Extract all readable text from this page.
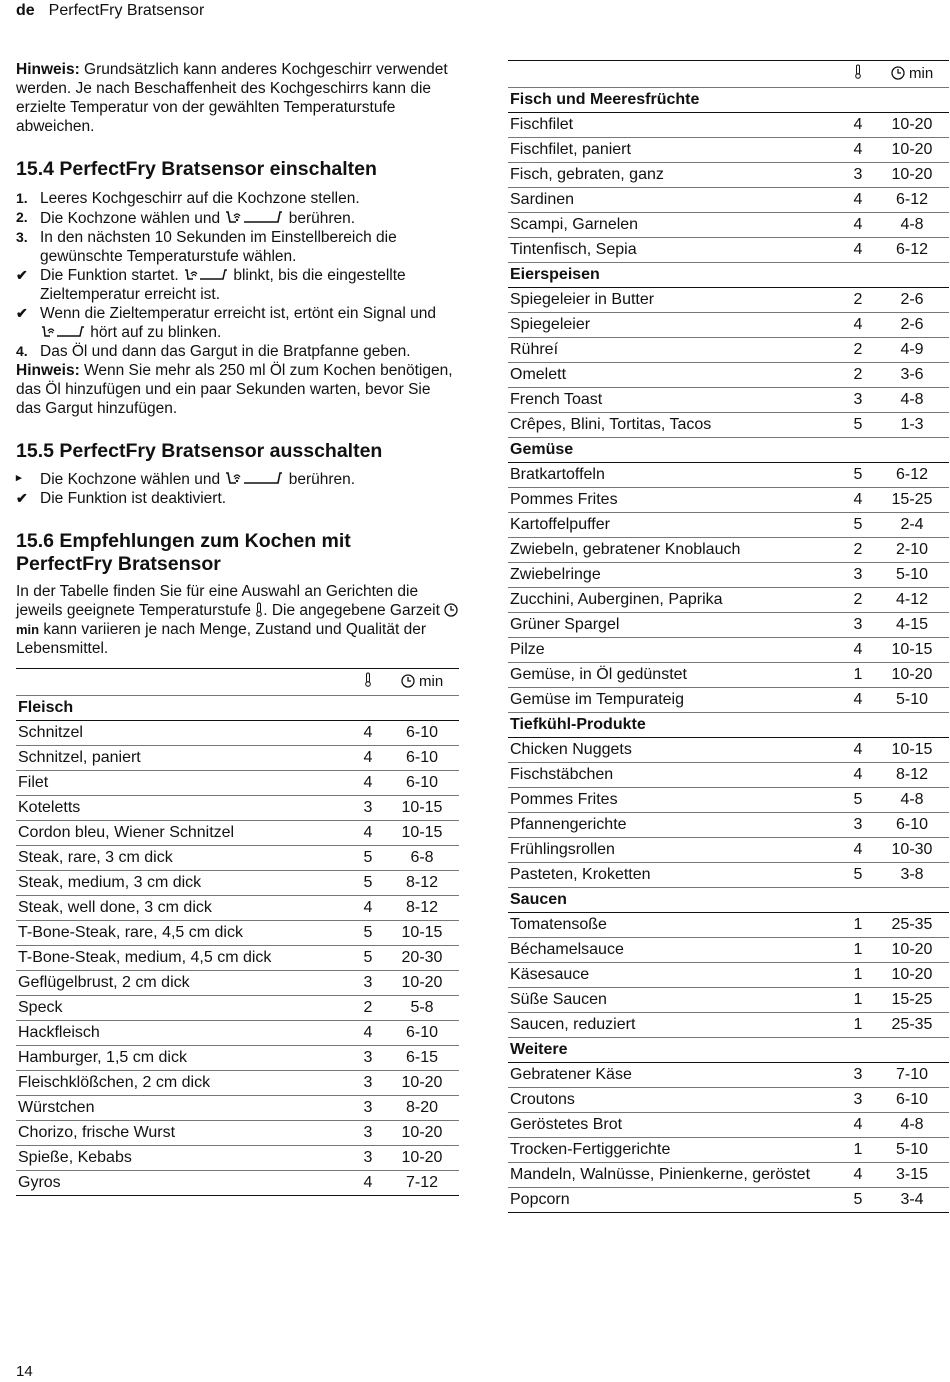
de PerfectFry Bratsensor

Hinweis: Grundsätzlich kann anderes Kochgeschirr verwendet werden. Je nach Beschaffenheit des Kochgeschirrs kann die erzielte Temperatur von der gewählten Temperaturstufe abweichen.

15.4 PerfectFry Bratsensor einschalten
1. Leeres Kochgeschirr auf die Kochzone stellen.
2. Die Kochzone wählen und	berühren.
3. In den nächsten 10 Sekunden im Einstellbereich die gewünschte Temperaturstufe wählen.
✔ Die Funktion startet.	blinkt, bis die eingestellte Zieltemperatur erreicht ist.
✔ Wenn die Zieltemperatur erreicht ist, ertönt ein Signal und  hört auf zu blinken.
4. Das Öl und dann das Gargut in die Bratpfanne geben.

Hinweis: Wenn Sie mehr als 250 ml Öl zum Kochen benötigen, das Öl hinzufügen und ein paar Sekunden warten, bevor Sie das Gargut hinzufügen.

15.5 PerfectFry Bratsensor ausschalten
▸ Die Kochzone wählen und	berühren.
✔ Die Funktion ist deaktiviert.
15.6 Empfehlungen zum Kochen mit
PerfectFry Bratsensor

In der Tabelle finden Sie für eine Auswahl an Gerichten die jeweils geeignete Temperaturstufe . Die angegebene Garzeit min kann variieren je nach Menge, Zustand und Qualität der Lebensmittel.

		min
Fleisch		
Schnitzel	4	6-10
Schnitzel, paniert	4	6-10
Filet	4	6-10
Koteletts	3	10-15
Cordon bleu, Wiener Schnitzel	4	10-15
Steak, rare, 3 cm dick	5	6-8
Steak, medium, 3 cm dick	5	8-12
Steak, well done, 3 cm dick	4	8-12
T-Bone-Steak, rare, 4,5 cm dick	5	10-15
T-Bone-Steak, medium, 4,5 cm dick	5	20-30
Geflügelbrust, 2 cm dick	3	10-20
Speck	2	5-8
Hackfleisch	4	6-10
Hamburger, 1,5 cm dick	3	6-15
Fleischklößchen, 2 cm dick	3	10-20
Würstchen	3	8-20
Chorizo, frische Wurst	3	10-20
Spieße, Kebabs	3	10-20
Gyros	4	7-12
		min
Fisch und Meeresfrüchte		
Fischfilet	4	10-20
Fischfilet, paniert	4	10-20
Fisch, gebraten, ganz	3	10-20
Sardinen	4	6-12
Scampi, Garnelen	4	4-8
Tintenfisch, Sepia	4	6-12
Eierspeisen		
Spiegeleier in Butter	2	2-6
Spiegeleier	4	2-6
Rühreí	2	4-9
Omelett	2	3-6
French Toast	3	4-8
Crêpes, Blini, Tortitas, Tacos	5	1-3
Gemüse		
Bratkartoffeln	5	6-12
Pommes Frites	4	15-25
Kartoffelpuffer	5	2-4
Zwiebeln, gebratener Knoblauch	2	2-10
Zwiebelringe	3	5-10
Zucchini, Auberginen, Paprika	2	4-12
Grüner Spargel	3	4-15
Pilze	4	10-15
Gemüse, in Öl gedünstet	1	10-20
Gemüse im Tempurateig	4	5-10
Tiefkühl-Produkte		
Chicken Nuggets	4	10-15
Fischstäbchen	4	8-12
Pommes Frites	5	4-8
Pfannengerichte	3	6-10
Frühlingsrollen	4	10-30
Pasteten, Kroketten	5	3-8
Saucen		
Tomatensoße	1	25-35
Béchamelsauce	1	10-20
Käsesauce	1	10-20
Süße Saucen	1	15-25
Saucen, reduziert	1	25-35
Weitere		
Gebratener Käse	3	7-10
Croutons	3	6-10
Geröstetes Brot	4	4-8
Trocken-Fertiggerichte	1	5-10
Mandeln, Walnüsse, Pinienkerne, geröstet	4	3-15
Popcorn	5	3-4
14
